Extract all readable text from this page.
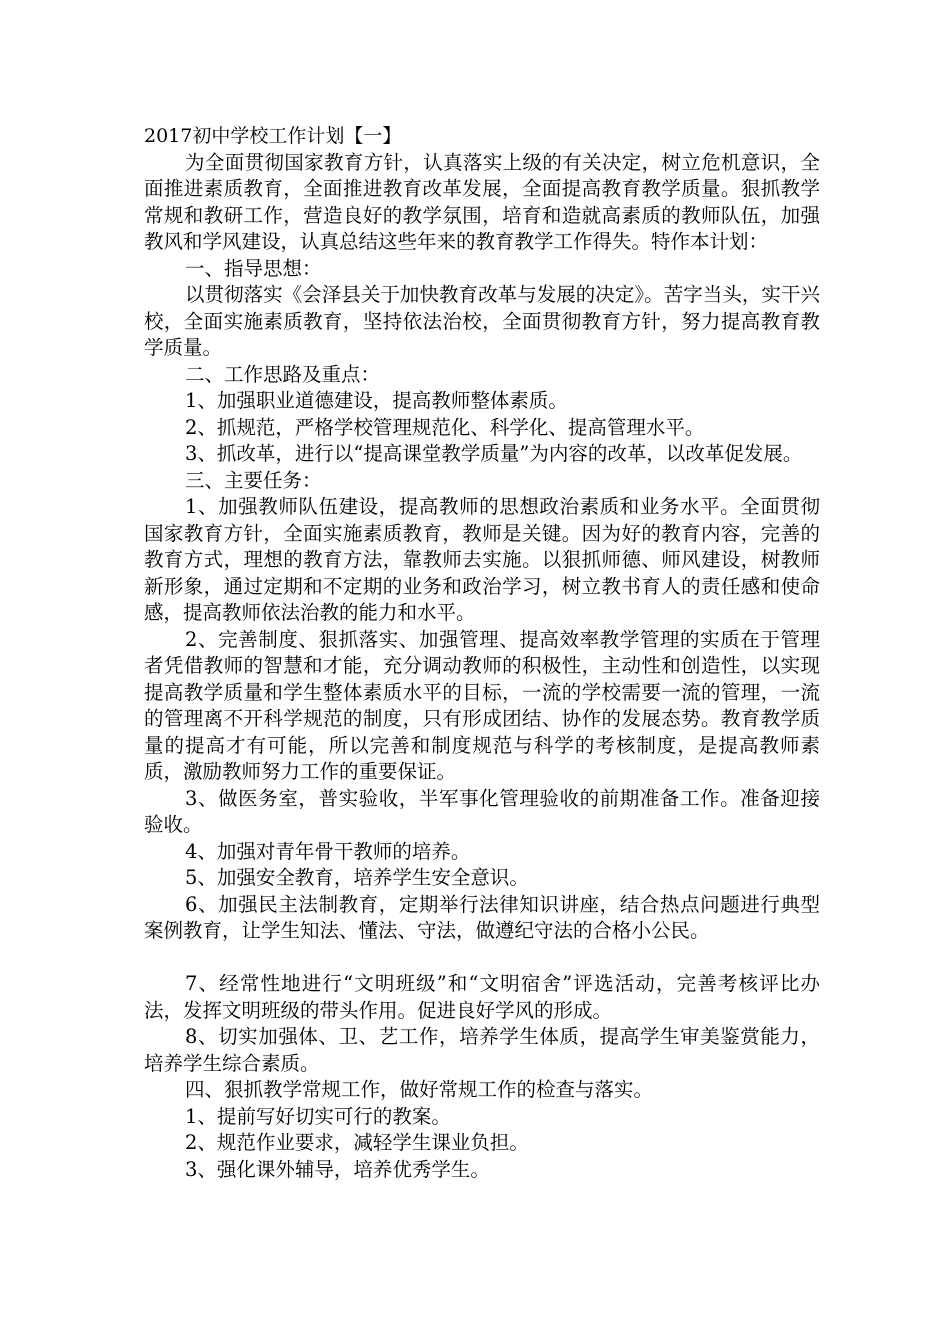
2017初中学校工作计划【一】

为全面贯彻国家教育方针，认真落实上级的有关决定，树立危机意识，全面推进素质教育，全面推进教育改革发展，全面提高教育教学质量。狠抓教学常规和教研工作，营造良好的教学氛围，培育和造就高素质的教师队伍，加强教风和学风建设，认真总结这些年来的教育教学工作得失。特作本计划：

一、指导思想：

以贯彻落实《会泽县关于加快教育改革与发展的决定》。苦字当头，实干兴校，全面实施素质教育，坚持依法治校，全面贯彻教育方针，努力提高教育教学质量。

二、工作思路及重点：

1、加强职业道德建设，提高教师整体素质。

2、抓规范，严格学校管理规范化、科学化、提高管理水平。

3、抓改革，进行以“提高课堂教学质量”为内容的改革，以改革促发展。

三、主要任务：

1、加强教师队伍建设，提高教师的思想政治素质和业务水平。全面贯彻国家教育方针，全面实施素质教育，教师是关键。因为好的教育内容，完善的教育方式，理想的教育方法，靠教师去实施。以狠抓师德、师风建设，树教师新形象，通过定期和不定期的业务和政治学习，树立教书育人的责任感和使命感，提高教师依法治教的能力和水平。

2、完善制度、狠抓落实、加强管理、提高效率教学管理的实质在于管理者凭借教师的智慧和才能，充分调动教师的积极性，主动性和创造性，以实现提高教学质量和学生整体素质水平的目标，一流的学校需要一流的管理，一流的管理离不开科学规范的制度，只有形成团结、协作的发展态势。教育教学质量的提高才有可能，所以完善和制度规范与科学的考核制度，是提高教师素质，激励教师努力工作的重要保证。

3、做医务室，普实验收，半军事化管理验收的前期准备工作。准备迎接验收。

4、加强对青年骨干教师的培养。

5、加强安全教育，培养学生安全意识。

6、加强民主法制教育，定期举行法律知识讲座，结合热点问题进行典型案例教育，让学生知法、懂法、守法，做遵纪守法的合格小公民。

7、经常性地进行“文明班级”和“文明宿舍”评选活动，完善考核评比办法，发挥文明班级的带头作用。促进良好学风的形成。

8、切实加强体、卫、艺工作，培养学生体质，提高学生审美鉴赏能力，培养学生综合素质。

四、狠抓教学常规工作，做好常规工作的检查与落实。

1、提前写好切实可行的教案。

2、规范作业要求，减轻学生课业负担。

3、强化课外辅导，培养优秀学生。
